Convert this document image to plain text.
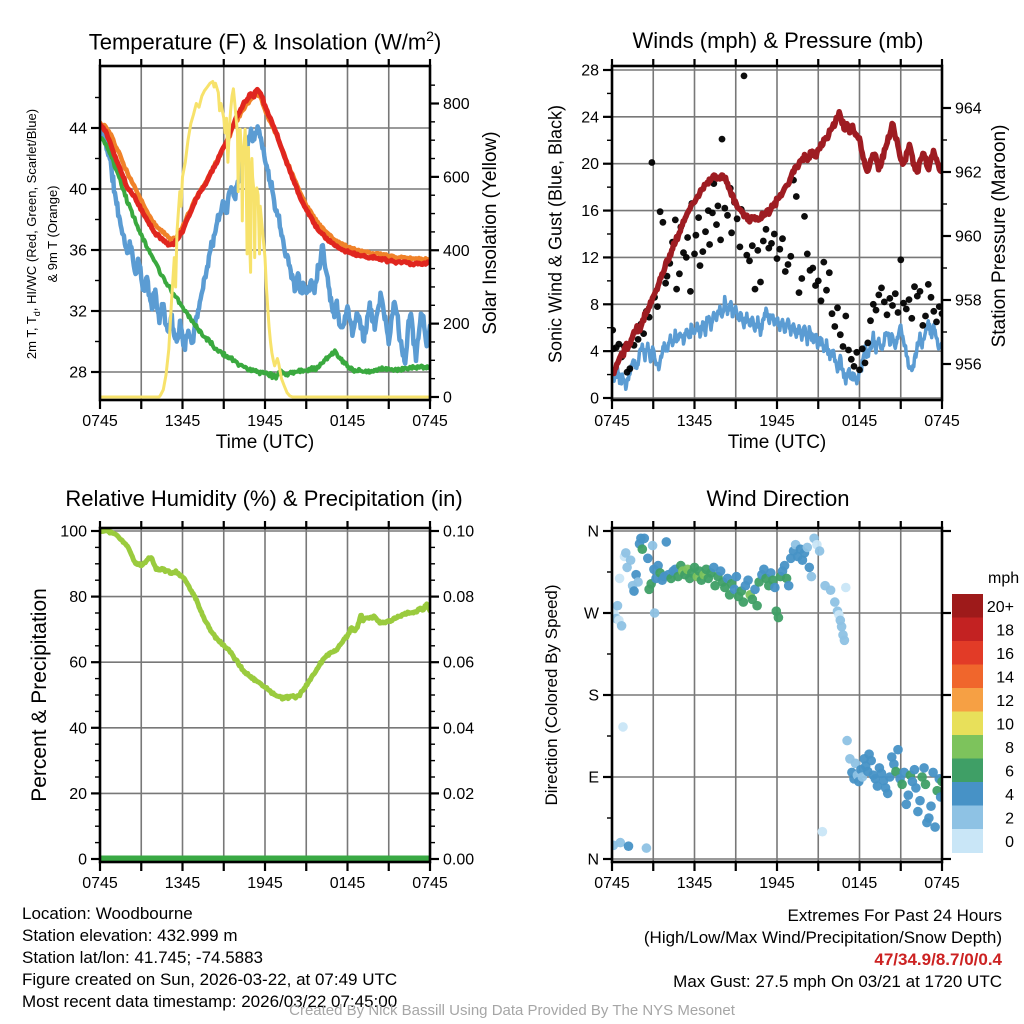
0745	1345	1945	0145	0745
28
32
36
40
44
0
200
400
600
800
0745	1345	1945	0145	0745
0
4
8
12
16
20
24
28
956
958
960
962
964
0745	1345	1945	0145	0745
0
20
40
60
80
100
0.00
0.02
0.04
0.06
0.08
0.10
0745	1345	1945	0145	0745
N
E
S
W
N
20+
18
16
14
12
10
8
6
4
2
0
Temperature (F) & Insolation $(W/m^2)$	Winds (mph) & Pressure (mb)
Relative Humidity (%) & Precipitation (in)	Wind Direction
Time (UTC)	Time (UTC)
2m T, $T_d$, HI/WC (Red, Green, Scarlet/Blue) & 9m T (Orange)	Solar Insolation (Yellow) Sonic Wind & Gust (Blue, Black)	Station Pressure (Maroon)
Percent & Precipitation	Direction (Colored By Speed)
mph
Location: Woodbourne
Station elevation: 432.999 m
Station lat/lon: 41.745; -74.5883
Figure created on Sun, 2026-03-22, at 07:49 UTC
Most recent data timestamp: 2026/03/22 07:45:00
Extremes For Past 24 Hours
(High/Low/Max Wind/Precipitation/Snow Depth)
47/34.9/8.7/0/0.4
Max Gust: 27.5 mph On 03/21 at 1720 UTC
Created By Nick Bassill Using Data Provided By The NYS Mesonet
